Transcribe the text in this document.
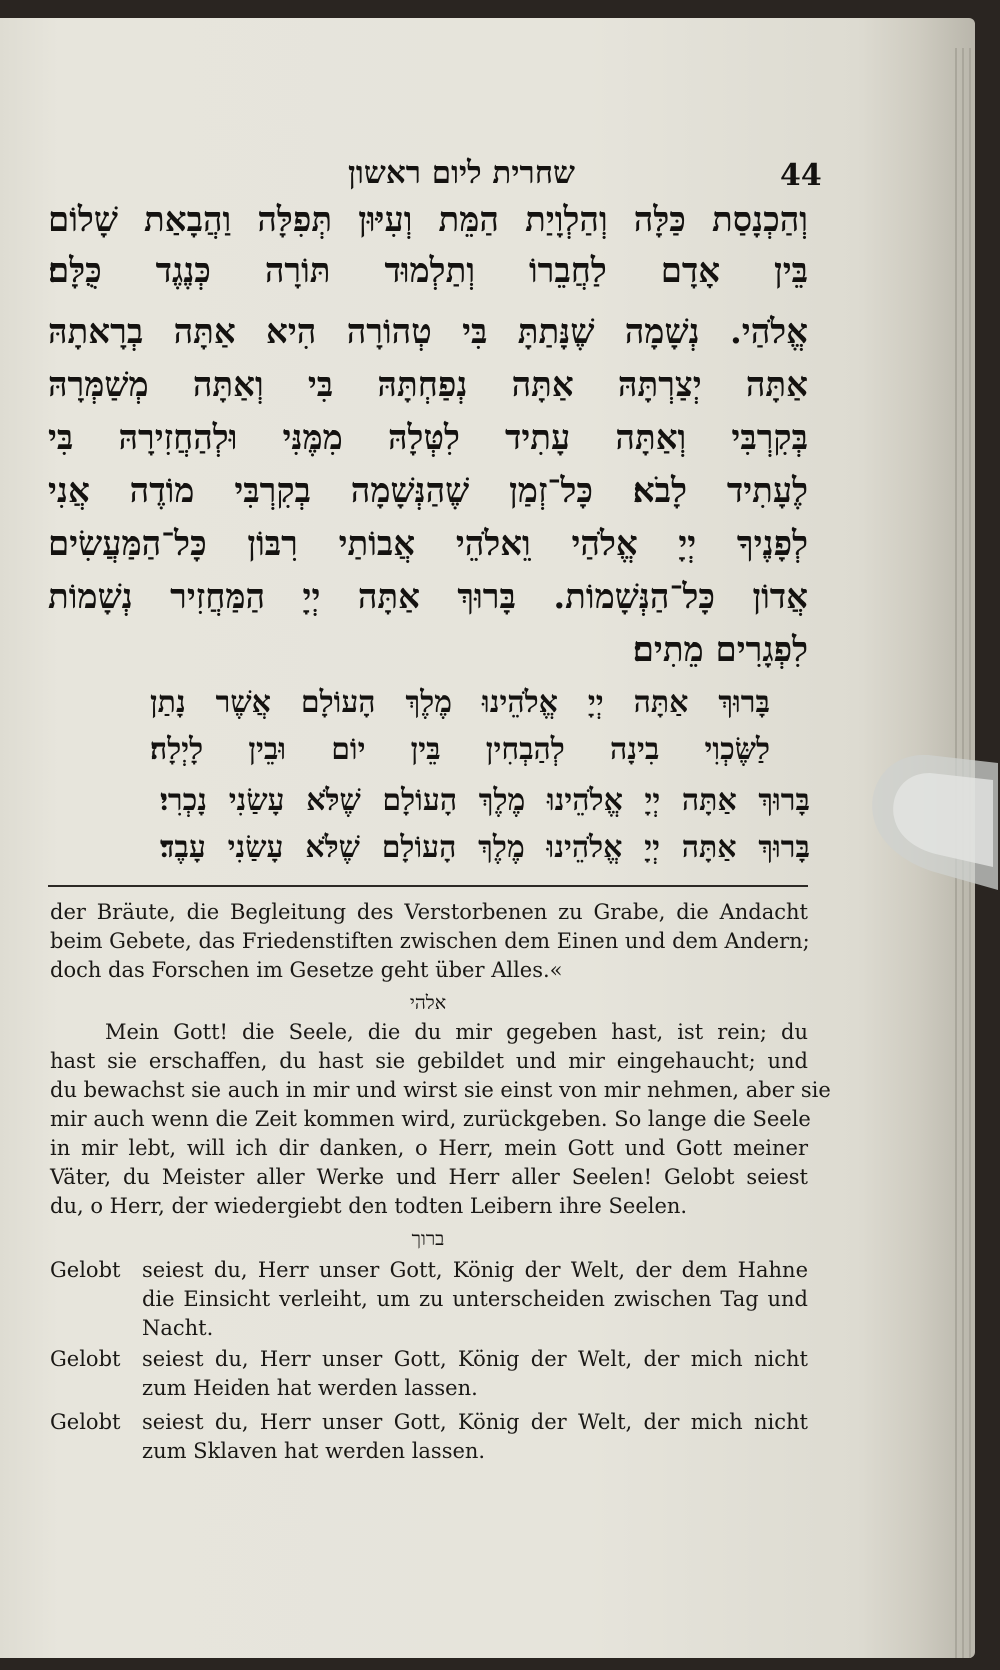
שחרית ליום ראשון	44
וְהַכְנָסַת כַּלָּה וְהַלְוָיַת הַמֵּת וְעִיּוּן תְּפִלָּה וַהֲבָאַת שָׁלוֹם
בֵּין אָדָם לַחֲבֵרוֹ וְתַלְמוּד תּוֹרָה כְּנֶגֶד כֻּלָּם׃
אֱלֹהַי. נְשָׁמָה שֶׁנָּתַתָּ בִּי טְהוֹרָה הִיא אַתָּה בְרָאתָהּ
אַתָּה יְצַרְתָּהּ אַתָּה נְפַחְתָּהּ בִּי וְאַתָּה מְשַׁמְּרָהּ
בְּקִרְבִּי וְאַתָּה עָתִיד לִטְּלָהּ מִמֶּנִּי וּלְהַחֲזִירָהּ בִּי
לֶעָתִיד לָבֹא׃ כָּל־זְמַן שֶׁהַנְּשָׁמָה בְקִרְבִּי מוֹדֶה אֲנִי
לְפָנֶיךָ יְיָ אֱלֹהַי וֵאלֹהֵי אֲבוֹתַי רִבּוֹן כָּל־הַמַּעֲשִׂים
אֲדוֹן כָּל־הַנְּשָׁמוֹת. בָּרוּךְ אַתָּה יְיָ הַמַּחֲזִיר נְשָׁמוֹת
לִפְגָרִים מֵתִים׃
בָּרוּךְ אַתָּה יְיָ אֱלֹהֵינוּ מֶלֶךְ הָעוֹלָם אֲשֶׁר נָתַן
לַשֶּׂכְוִי בִינָה לְהַבְחִין בֵּין יוֹם וּבֵין לָיְלָה׃
בָּרוּךְ אַתָּה יְיָ אֱלֹהֵינוּ מֶלֶךְ הָעוֹלָם שֶׁלֹּא עָשַׂנִי נָכְרִי׃
בָּרוּךְ אַתָּה יְיָ אֱלֹהֵינוּ מֶלֶךְ הָעוֹלָם שֶׁלֹּא עָשַׂנִי עָבֶד׃
der Bräute, die Begleitung des Verstorbenen zu Grabe, die Andacht
beim Gebete, das Friedenstiften zwischen dem Einen und dem Andern;
doch das Forschen im Gesetze geht über Alles.«
אלהי
Mein Gott! die Seele, die du mir gegeben hast, ist rein; du
hast sie erschaffen, du hast sie gebildet und mir eingehaucht; und
du bewachst sie auch in mir und wirst sie einst von mir nehmen, aber sie
mir auch wenn die Zeit kommen wird, zurückgeben. So lange die Seele
in mir lebt, will ich dir danken, o Herr, mein Gott und Gott meiner
Väter, du Meister aller Werke und Herr aller Seelen! Gelobt seiest
du, o Herr, der wiedergiebt den todten Leibern ihre Seelen.
ברוך
Gelobt seiest du, Herr unser Gott, König der Welt, der dem Hahne
die Einsicht verleiht, um zu unterscheiden zwischen Tag und
Nacht.
Gelobt seiest du, Herr unser Gott, König der Welt, der mich nicht
zum Heiden hat werden lassen.
Gelobt seiest du, Herr unser Gott, König der Welt, der mich nicht
zum Sklaven hat werden lassen.
